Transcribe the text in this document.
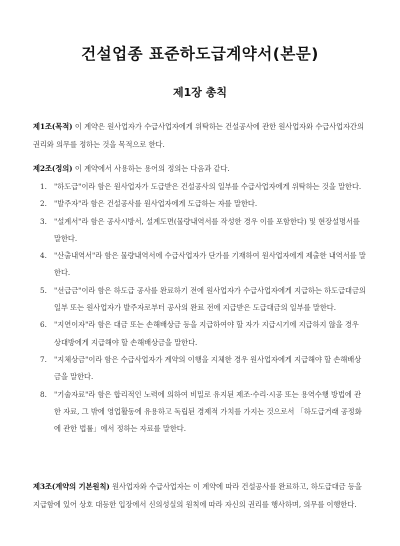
건설업종 표준하도급계약서(본문)
제1장 총칙
제1조(목적) 이 계약은 원사업자가 수급사업자에게 위탁하는 건설공사에 관한 원사업자와 수급사업자간의 권리와 의무를 정하는 것을 목적으로 한다.
제2조(정의) 이 계약에서 사용하는 용어의 정의는 다음과 같다.
1. "하도급"이라 함은 원사업자가 도급받은 건설공사의 일부를 수급사업자에게 위탁하는 것을 말한다.
2. "발주자"라 함은 건설공사를 원사업자에게 도급하는 자를 말한다.
3. "설계서"라 함은 공사시방서, 설계도면(물량내역서를 작성한 경우 이를 포함한다) 및 현장설명서를 말한다.
4. "산출내역서"라 함은 물량내역서에 수급사업자가 단가를 기재하여 원사업자에게 제출한 내역서를 말한다.
5. "선급금"이라 함은 하도급 공사를 완료하기 전에 원사업자가 수급사업자에게 지급하는 하도급대금의 일부 또는 원사업자가 발주자로부터 공사의 완료 전에 지급받은 도급대금의 일부를 말한다.
6. "지연이자"라 함은 대금 또는 손해배상금 등을 지급하여야 할 자가 지급시기에 지급하지 않을 경우 상대방에게 지급해야 할 손해배상금을 말한다.
7. "지체상금"이라 함은 수급사업자가 계약의 이행을 지체한 경우 원사업자에게 지급해야 할 손해배상금을 말한다.
8. "기술자료"라 함은 합리적인 노력에 의하여 비밀로 유지된 제조·수리·시공 또는 용역수행 방법에 관한 자료, 그 밖에 영업활동에 유용하고 독립된 경제적 가치를 가지는 것으로서 「하도급거래 공정화에 관한 법률」에서 정하는 자료를 말한다.
제3조(계약의 기본원칙) 원사업자와 수급사업자는 이 계약에 따라 건설공사를 완료하고, 하도급대금 등을 지급함에 있어 상호 대등한 입장에서 신의성실의 원칙에 따라 자신의 권리를 행사하며, 의무를 이행한다.
